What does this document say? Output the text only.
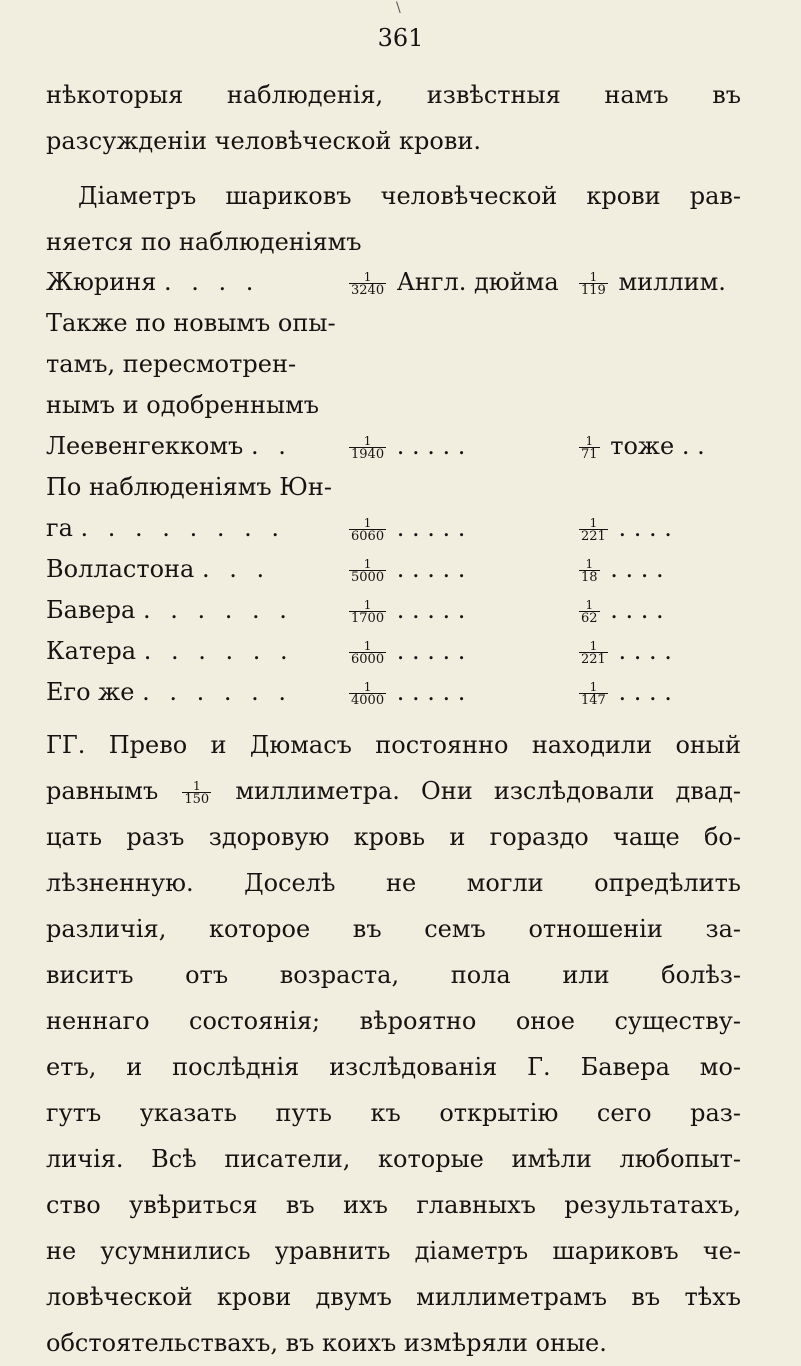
\
361
нѣкоторыя наблюденія, извѣстныя намъ въ
разсужденіи человѣческой крови.
Діаметръ шариковъ человѣческой крови рав-
няется по наблюденіямъ
Жюриня . . . .	$\frac{1}{3240}$ Англ. дюйма $\frac{1}{119}$ миллим.
Также по новымъ опы-
тамъ, пересмотрен-
нымъ и одобреннымъ
Леевенгеккомъ . .	$\frac{1}{1940}$ . . . . .	$\frac{1}{71}$ тоже . .
По наблюденіямъ Юн-
га . . . . . . . .	$\frac{1}{6060}$ . . . . .	$\frac{1}{221}$ . . . .
Волластона . . .	$\frac{1}{5000}$ . . . . .	$\frac{1}{18}$ . . . .
Бавера . . . . . .	$\frac{1}{1700}$ . . . . .	$\frac{1}{62}$ . . . .
Катера . . . . . .	$\frac{1}{6000}$ . . . . .	$\frac{1}{221}$ . . . .
Его же . . . . . .	$\frac{1}{4000}$ . . . . .	$\frac{1}{147}$ . . . .
ГГ. Прево и Дюмасъ постоянно находили оный
равнымъ $\frac{1}{150}$ миллиметра. Они изслѣдовали двад-
цать разъ здоровую кровь и гораздо чаще бо-
лѣзненную. Доселѣ не могли опредѣлить
различія, которое въ семъ отношеніи за-
виситъ отъ возраста, пола или болѣз-
неннаго состоянія; вѣроятно оное существу-
етъ, и послѣднія изслѣдованія Г. Бавера мо-
гутъ указать путь къ открытію сего раз-
личія. Всѣ писатели, которые имѣли любопыт-
ство увѣриться въ ихъ главныхъ результатахъ,
не усумнились уравнить діаметръ шариковъ че-
ловѣческой крови двумъ миллиметрамъ въ тѣхъ
обстоятельствахъ, въ коихъ измѣряли оные.
